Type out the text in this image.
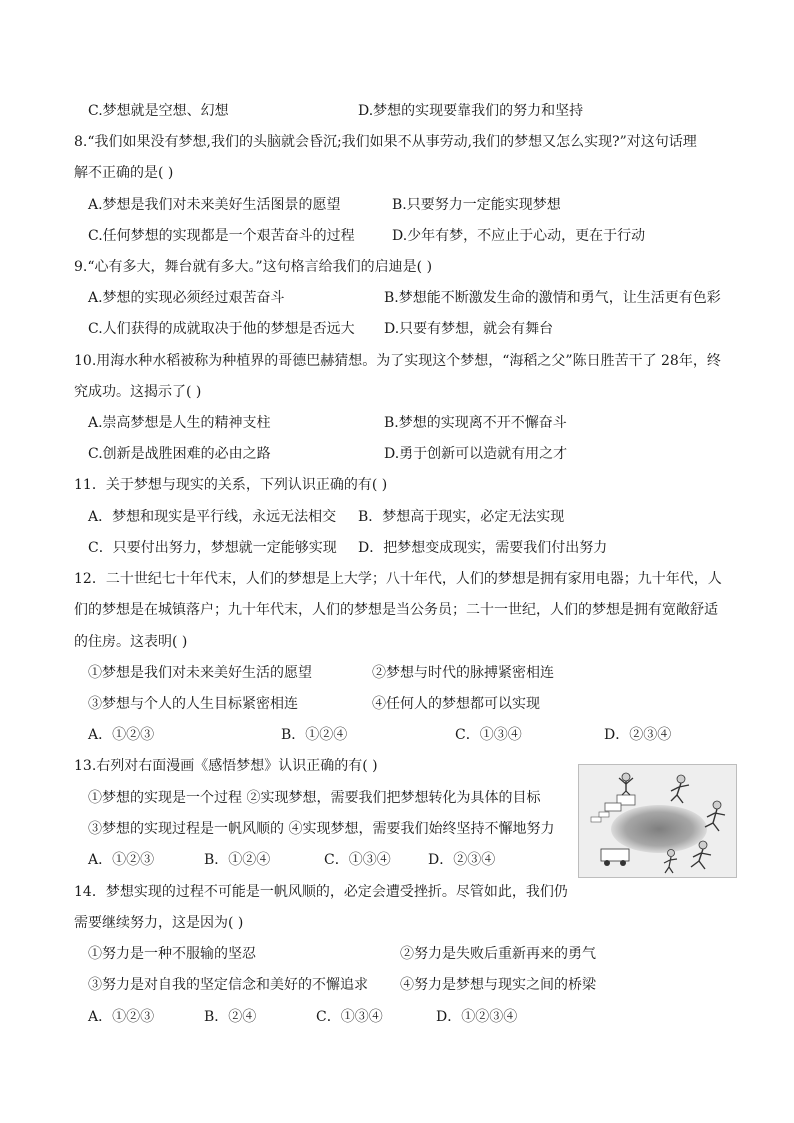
C.梦想就是空想、幻想	D.梦想的实现要靠我们的努力和坚持
8.“我们如果没有梦想,我们的头脑就会昏沉;我们如果不从事劳动,我们的梦想又怎么实现?”对这句话理
解不正确的是( )
A.梦想是我们对未来美好生活图景的愿望	B.只要努力一定能实现梦想
C.任何梦想的实现都是一个艰苦奋斗的过程	D.少年有梦，不应止于心动，更在于行动
9.“心有多大，舞台就有多大。”这句格言给我们的启迪是( )
A.梦想的实现必须经过艰苦奋斗	B.梦想能不断激发生命的激情和勇气，让生活更有色彩
C.人们获得的成就取决于他的梦想是否远大 D.只要有梦想，就会有舞台
10.用海水种水稻被称为种植界的哥德巴赫猜想。为了实现这个梦想，“海稻之父”陈日胜苦干了 28年，终
究成功。这揭示了( )
A.崇高梦想是人生的精神支柱	B.梦想的实现离不开不懈奋斗
C.创新是战胜困难的必由之路	D.勇于创新可以造就有用之才
11．关于梦想与现实的关系，下列认识正确的有( )
A．梦想和现实是平行线，永远无法相交 B．梦想高于现实，必定无法实现
C．只要付出努力，梦想就一定能够实现 D．把梦想变成现实，需要我们付出努力
12．二十世纪七十年代末，人们的梦想是上大学；八十年代，人们的梦想是拥有家用电器；九十年代，人
们的梦想是在城镇落户；九十年代末，人们的梦想是当公务员；二十一世纪，人们的梦想是拥有宽敞舒适
的住房。这表明( )
①梦想是我们对未来美好生活的愿望	②梦想与时代的脉搏紧密相连
③梦想与个人的人生目标紧密相连	④任何人的梦想都可以实现
A．①②③	B．①②④	C．①③④	D．②③④
13.右列对右面漫画《感悟梦想》认识正确的有( )
①梦想的实现是一个过程 ②实现梦想，需要我们把梦想转化为具体的目标
③梦想的实现过程是一帆风顺的 ④实现梦想，需要我们始终坚持不懈地努力
A．①②③	B．①②④	C．①③④	D．②③④
14．梦想实现的过程不可能是一帆风顺的，必定会遭受挫折。尽管如此，我们仍
需要继续努力，这是因为( )
①努力是一种不服输的坚忍	②努力是失败后重新再来的勇气
③努力是对自我的坚定信念和美好的不懈追求 ④努力是梦想与现实之间的桥梁
A．①②③	B．②④	C．①③④	D．①②③④
